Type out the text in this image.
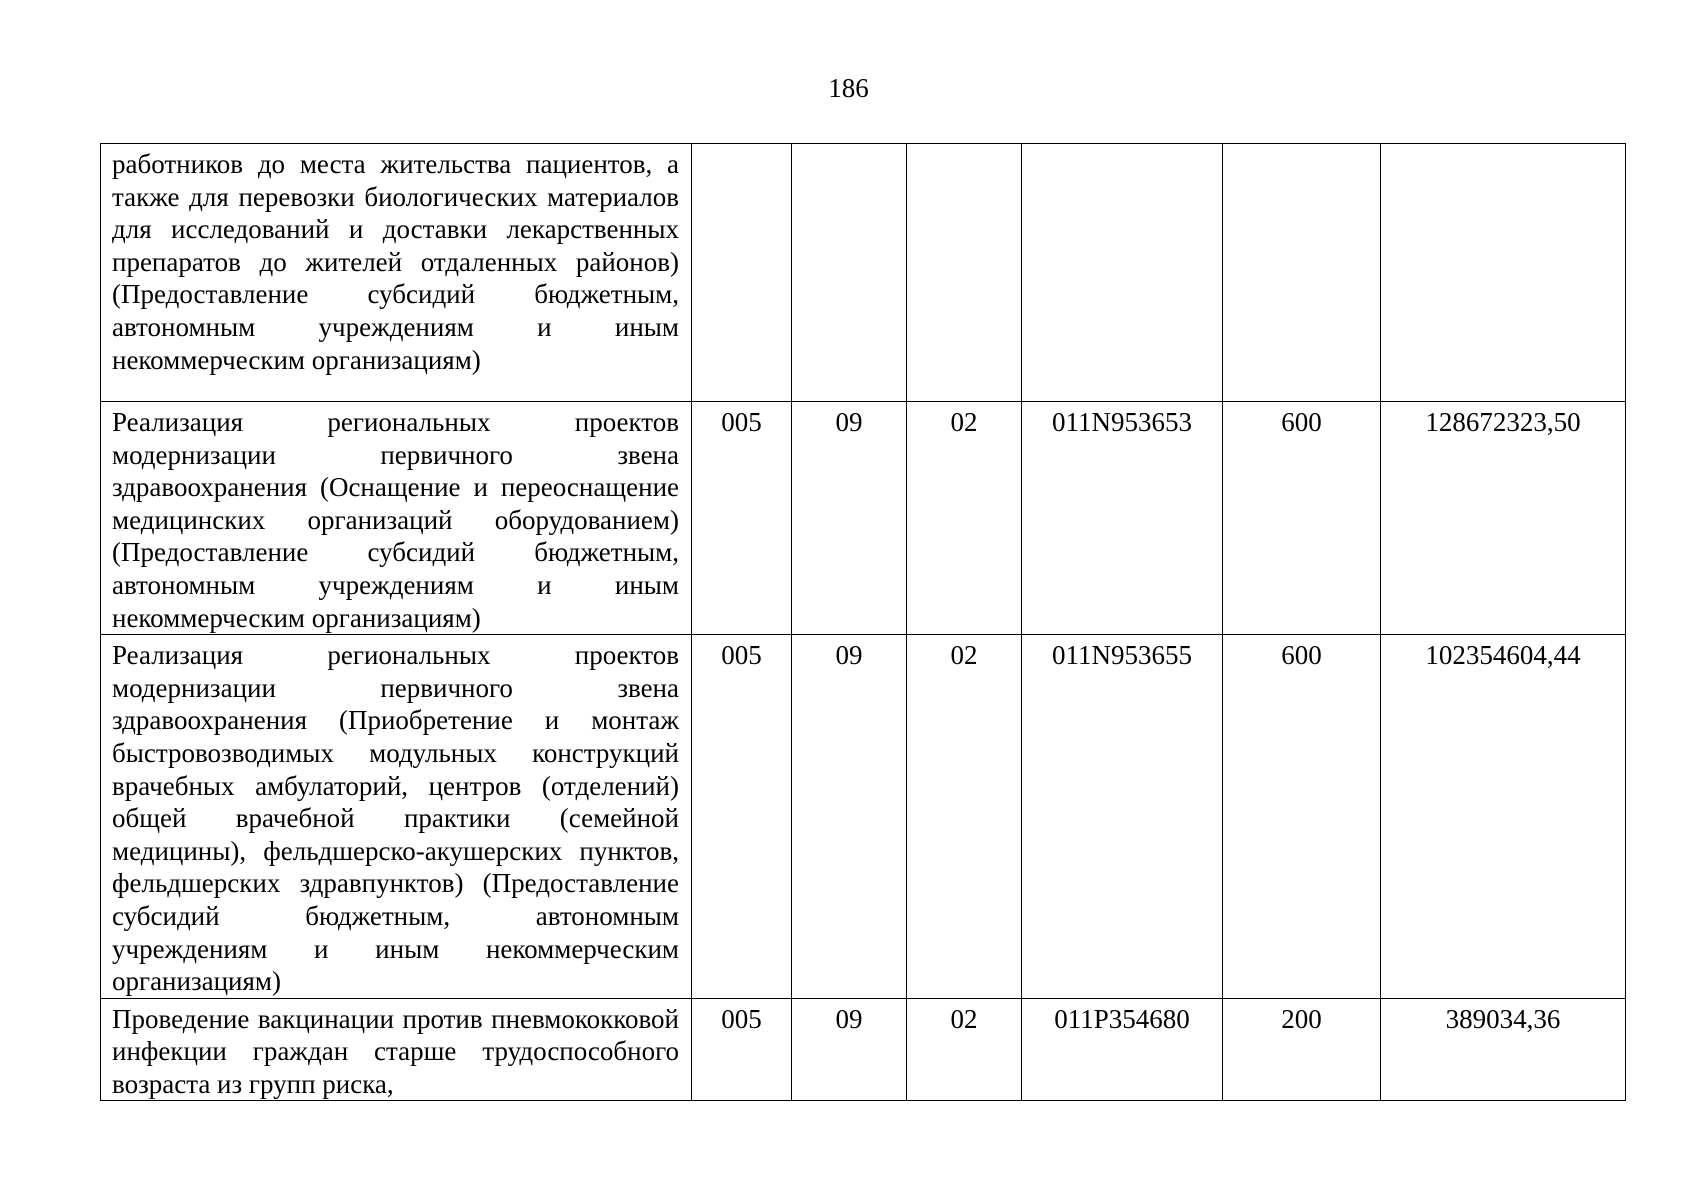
186
работников до места жительства пациентов, а также для перевозки биологических материалов для исследований и доставки лекарственных препаратов до жителей отдаленных районов) (Предоставление субсидий бюджетным, автономным учреждениям и иным некоммерческим организациям)						
Реализация региональных проектов модернизации первичного звена здравоохранения (Оснащение и переоснащение медицинских организаций оборудованием) (Предоставление субсидий бюджетным, автономным учреждениям и иным некоммерческим организациям)	005	09	02	011N953653	600	128672323,50
Реализация региональных проектов модернизации первичного звена здравоохранения (Приобретение и монтаж быстровозводимых модульных конструкций врачебных амбулаторий, центров (отделений) общей врачебной практики (семейной медицины), фельдшерско-акушерских пунктов, фельдшерских здравпунктов) (Предоставление субсидий бюджетным, автономным учреждениям и иным некоммерческим организациям)	005	09	02	011N953655	600	102354604,44
Проведение вакцинации против пневмококковой инфекции граждан старше трудоспособного возраста из групп риска,	005	09	02	011P354680	200	389034,36
